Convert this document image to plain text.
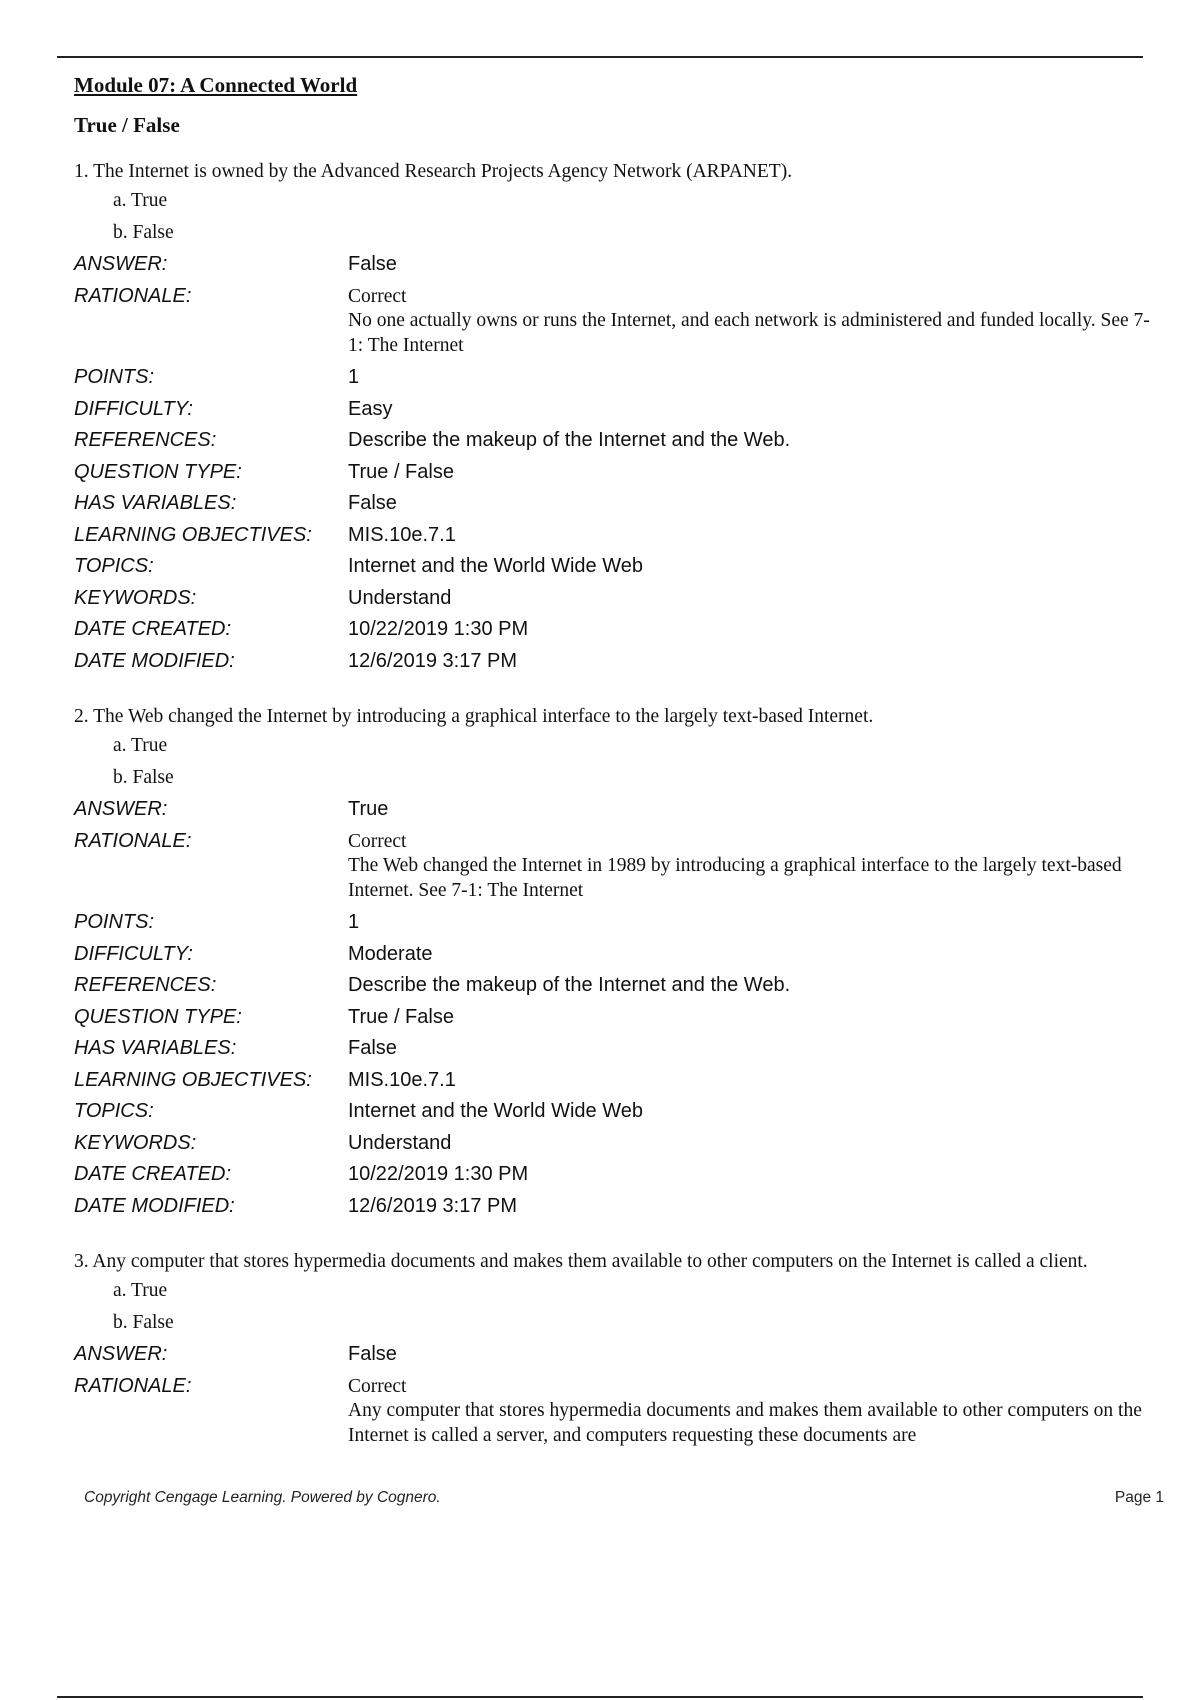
Module 07: A Connected World
True / False
1. The Internet is owned by the Advanced Research Projects Agency Network (ARPANET).
a. True
b. False
ANSWER:	False
RATIONALE:	Correct
No one actually owns or runs the Internet, and each network is administered and funded locally. See 7-1: The Internet
POINTS:	1
DIFFICULTY:	Easy
REFERENCES:	Describe the makeup of the Internet and the Web.
QUESTION TYPE:	True / False
HAS VARIABLES:	False
LEARNING OBJECTIVES:	MIS.10e.7.1
TOPICS:	Internet and the World Wide Web
KEYWORDS:	Understand
DATE CREATED:	10/22/2019 1:30 PM
DATE MODIFIED:	12/6/2019 3:17 PM
2. The Web changed the Internet by introducing a graphical interface to the largely text-based Internet.
a. True
b. False
ANSWER:	True
RATIONALE:	Correct
The Web changed the Internet in 1989 by introducing a graphical interface to the largely text-based Internet. See 7-1: The Internet
POINTS:	1
DIFFICULTY:	Moderate
REFERENCES:	Describe the makeup of the Internet and the Web.
QUESTION TYPE:	True / False
HAS VARIABLES:	False
LEARNING OBJECTIVES:	MIS.10e.7.1
TOPICS:	Internet and the World Wide Web
KEYWORDS:	Understand
DATE CREATED:	10/22/2019 1:30 PM
DATE MODIFIED:	12/6/2019 3:17 PM
3. Any computer that stores hypermedia documents and makes them available to other computers on the Internet is called a client.
a. True
b. False
ANSWER:	False
RATIONALE:	Correct
Any computer that stores hypermedia documents and makes them available to other computers on the Internet is called a server, and computers requesting these documents are
Copyright Cengage Learning. Powered by Cognero.	Page 1
